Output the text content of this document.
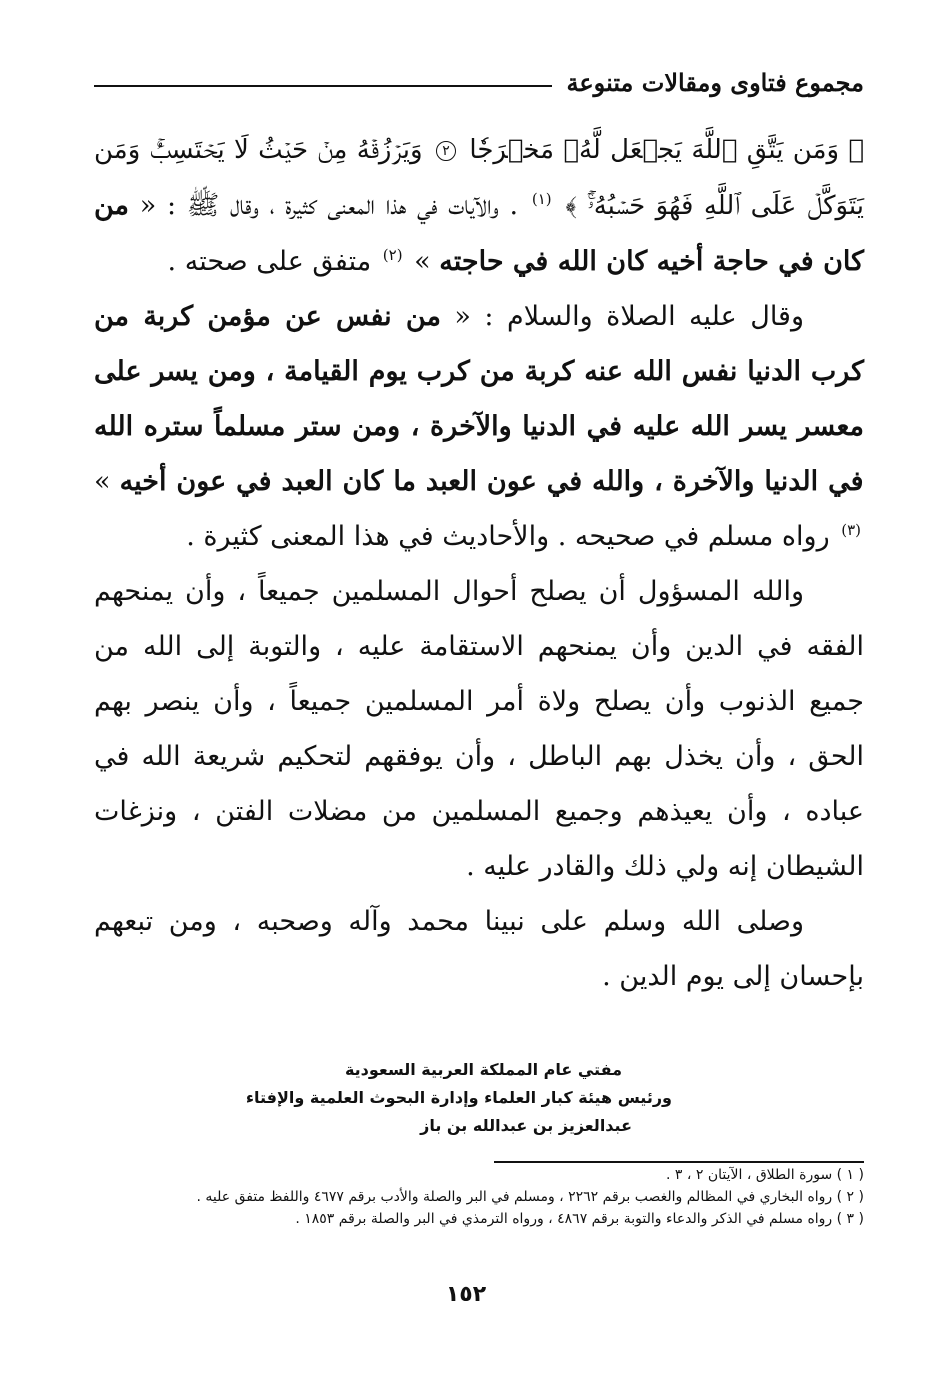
مجموع فتاوى ومقالات متنوعة

﴿ وَمَن يَتَّقِ ٱللَّهَ يَجۡعَل لَّهُۥ مَخۡرَجٗا ٢ وَيَرۡزُقۡهُ مِنۡ حَيۡثُ لَا يَحۡتَسِبُۚ وَمَن يَتَوَكَّلۡ عَلَى ٱللَّهِ فَهُوَ حَسۡبُهُۥٓۚ ﴾ $^{(١)}$ . والآيات في هذا المعنى كثيرة ، وقال ﷺ : « من كان في حاجة أخيه كان الله في حاجته » $^{(٢)}$ متفق على صحته .

وقال عليه الصلاة والسلام : « من نفس عن مؤمن كربة من كرب الدنيا نفس الله عنه كربة من كرب يوم القيامة ، ومن يسر على معسر يسر الله عليه في الدنيا والآخرة ، ومن ستر مسلماً ستره الله في الدنيا والآخرة ، والله في عون العبد ما كان العبد في عون أخيه » $^{(٣)}$ رواه مسلم في صحيحه . والأحاديث في هذا المعنى كثيرة .

والله المسؤول أن يصلح أحوال المسلمين جميعاً ، وأن يمنحهم الفقه في الدين وأن يمنحهم الاستقامة عليه ، والتوبة إلى الله من جميع الذنوب وأن يصلح ولاة أمر المسلمين جميعاً ، وأن ينصر بهم الحق ، وأن يخذل بهم الباطل ، وأن يوفقهم لتحكيم شريعة الله في عباده ، وأن يعيذهم وجميع المسلمين من مضلات الفتن ، ونزغات الشيطان إنه ولي ذلك والقادر عليه .

وصلى الله وسلم على نبينا محمد وآله وصحبه ، ومن تبعهم بإحسان إلى يوم الدين .

مفتي عام المملكة العربية السعودية
ورئيس هيئة كبار العلماء وإدارة البحوث العلمية والإفتاء
عبدالعزيز بن عبدالله بن باز
( ١ ) سورة الطلاق ، الآيتان ٢ ، ٣ .
( ٢ ) رواه البخاري في المظالم والغصب برقم ٢٢٦٢ ، ومسلم في البر والصلة والأدب برقم ٤٦٧٧ واللفظ متفق عليه .
( ٣ ) رواه مسلم في الذكر والدعاء والتوبة برقم ٤٨٦٧ ، ورواه الترمذي في البر والصلة برقم ١٨٥٣ .
١٥٢
